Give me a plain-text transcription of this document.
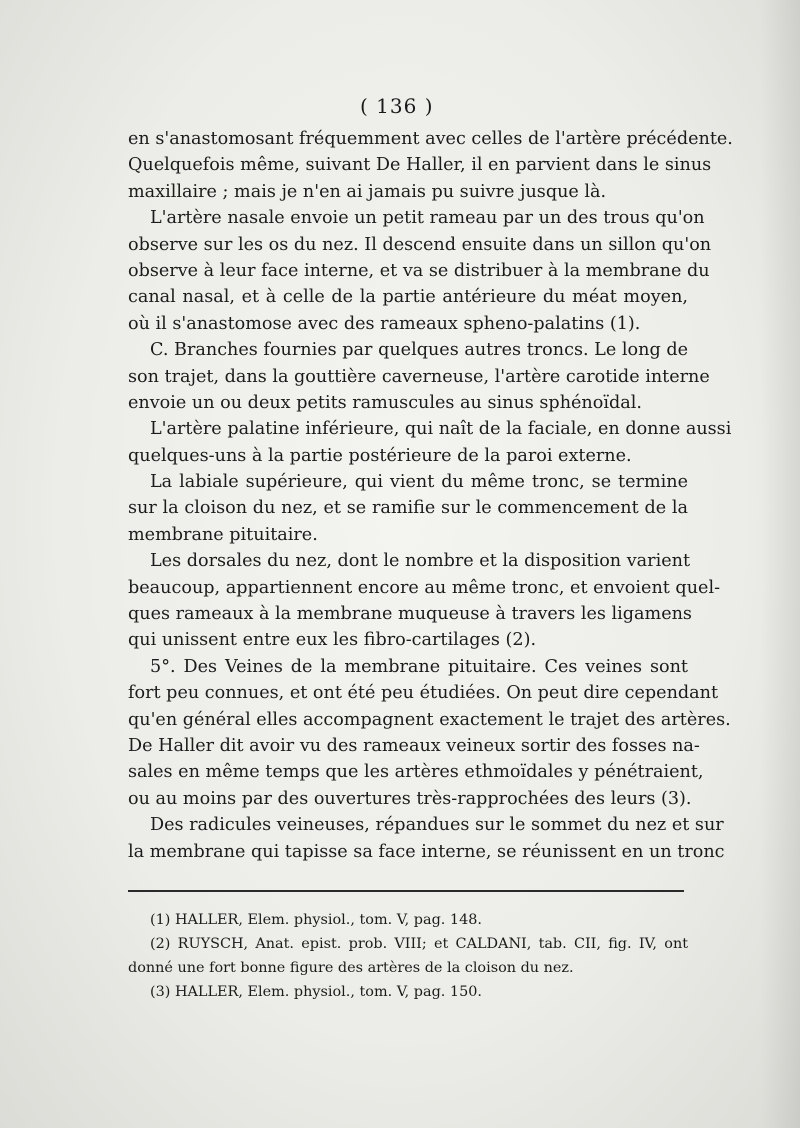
( 136 )
en s'anastomosant fréquemment avec celles de l'artère précédente.
Quelquefois même, suivant De Haller, il en parvient dans le sinus
maxillaire ; mais je n'en ai jamais pu suivre jusque là.
L'artère nasale envoie un petit rameau par un des trous qu'on
observe sur les os du nez. Il descend ensuite dans un sillon qu'on
observe à leur face interne, et va se distribuer à la membrane du
canal nasal, et à celle de la partie antérieure du méat moyen,
où il s'anastomose avec des rameaux spheno-palatins (1).
C. Branches fournies par quelques autres troncs. Le long de
son trajet, dans la gouttière caverneuse, l'artère carotide interne
envoie un ou deux petits ramuscules au sinus sphénoïdal.
L'artère palatine inférieure, qui naît de la faciale, en donne aussi
quelques-uns à la partie postérieure de la paroi externe.
La labiale supérieure, qui vient du même tronc, se termine
sur la cloison du nez, et se ramifie sur le commencement de la
membrane pituitaire.
Les dorsales du nez, dont le nombre et la disposition varient
beaucoup, appartiennent encore au même tronc, et envoient quel-
ques rameaux à la membrane muqueuse à travers les ligamens
qui unissent entre eux les fibro-cartilages (2).
5°. Des Veines de la membrane pituitaire. Ces veines sont
fort peu connues, et ont été peu étudiées. On peut dire cependant
qu'en général elles accompagnent exactement le trajet des artères.
De Haller dit avoir vu des rameaux veineux sortir des fosses na-
sales en même temps que les artères ethmoïdales y pénétraient,
ou au moins par des ouvertures très-rapprochées des leurs (3).
Des radicules veineuses, répandues sur le sommet du nez et sur
la membrane qui tapisse sa face interne, se réunissent en un tronc
(1) HALLER, Elem. physiol., tom. V, pag. 148.
(2) RUYSCH, Anat. epist. prob. VIII; et CALDANI, tab. CII, fig. IV, ont
donné une fort bonne figure des artères de la cloison du nez.
(3) HALLER, Elem. physiol., tom. V, pag. 150.
